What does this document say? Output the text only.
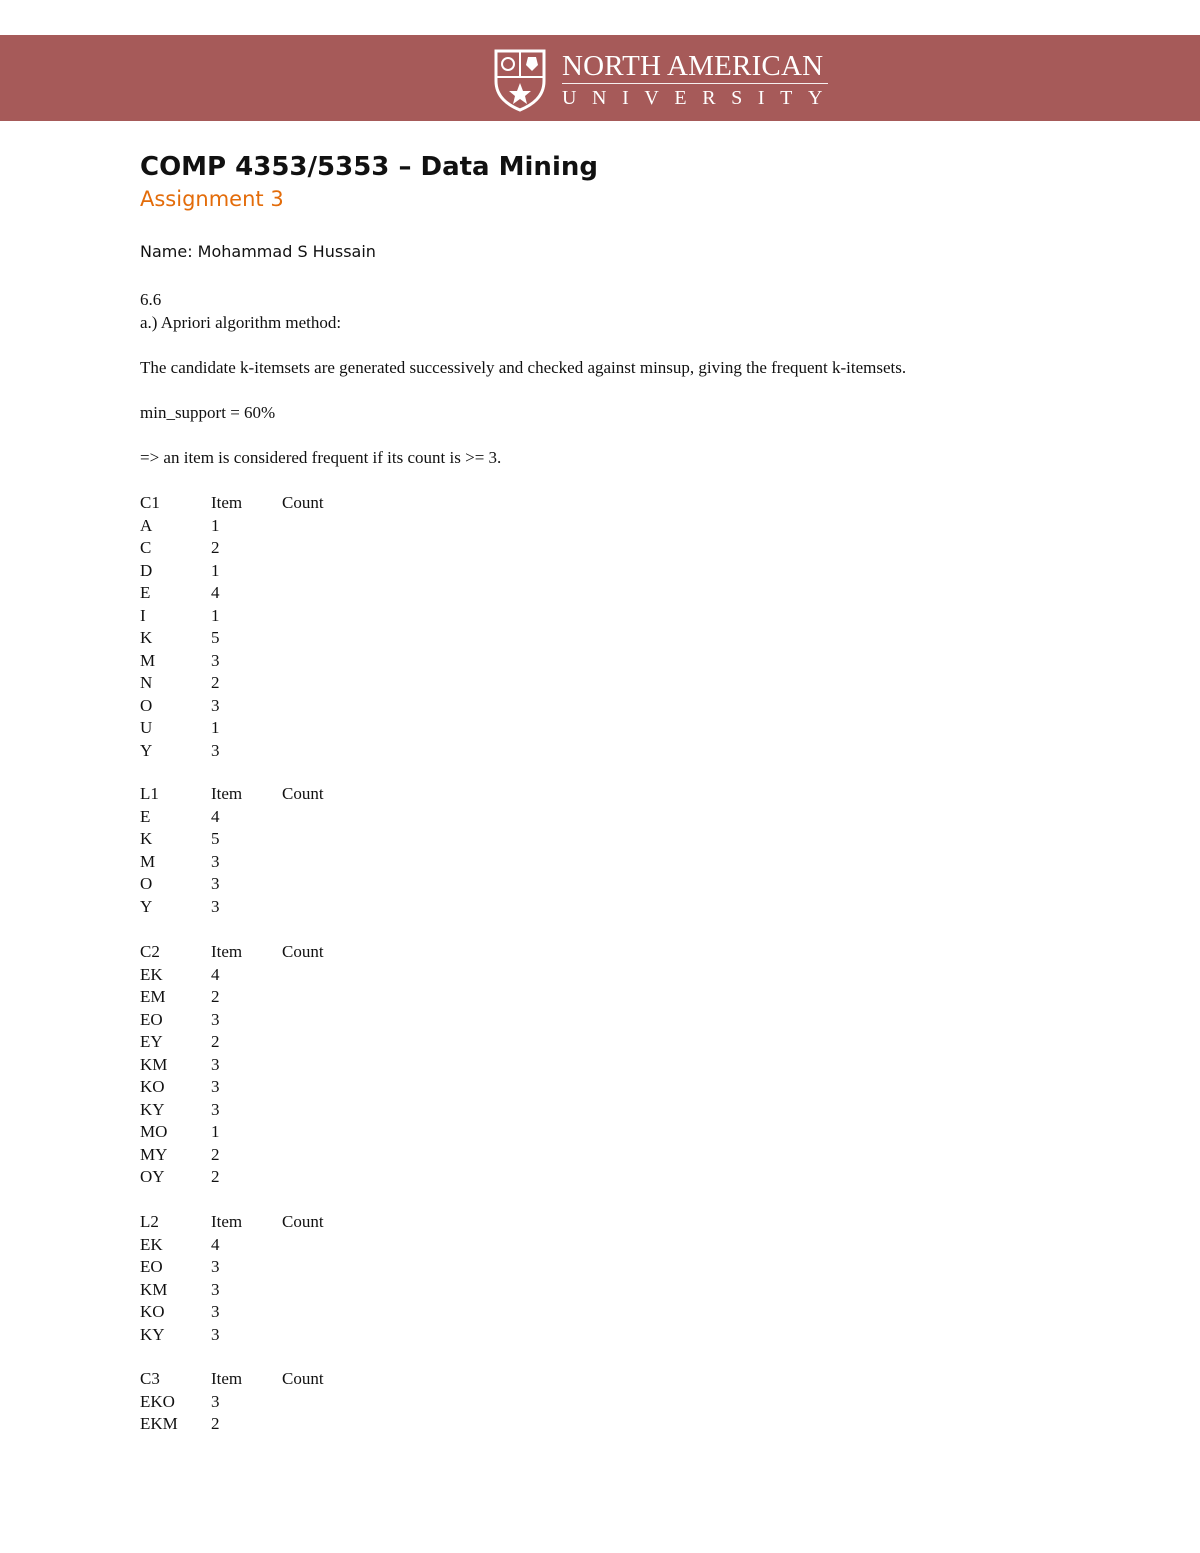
NORTH AMERICAN
UNIVERSITY
COMP 4353/5353 – Data Mining
Assignment 3
Name: Mohammad S Hussain
6.6
a.) Apriori algorithm method:
The candidate k-itemsets are generated successively and checked against minsup, giving the frequent k-itemsets.
min_support = 60%
=> an item is considered frequent if its count is >= 3.
C1	Item	Count
A	1
C	2
D	1
E	4
I	1
K	5
M	3
N	2
O	3
U	1
Y	3
L1	Item	Count
E	4
K	5
M	3
O	3
Y	3
C2	Item	Count
EK	4
EM	2
EO	3
EY	2
KM	3
KO	3
KY	3
MO	1
MY	2
OY	2
L2	Item	Count
EK	4
EO	3
KM	3
KO	3
KY	3
C3	Item	Count
EKO	3
EKM	2
